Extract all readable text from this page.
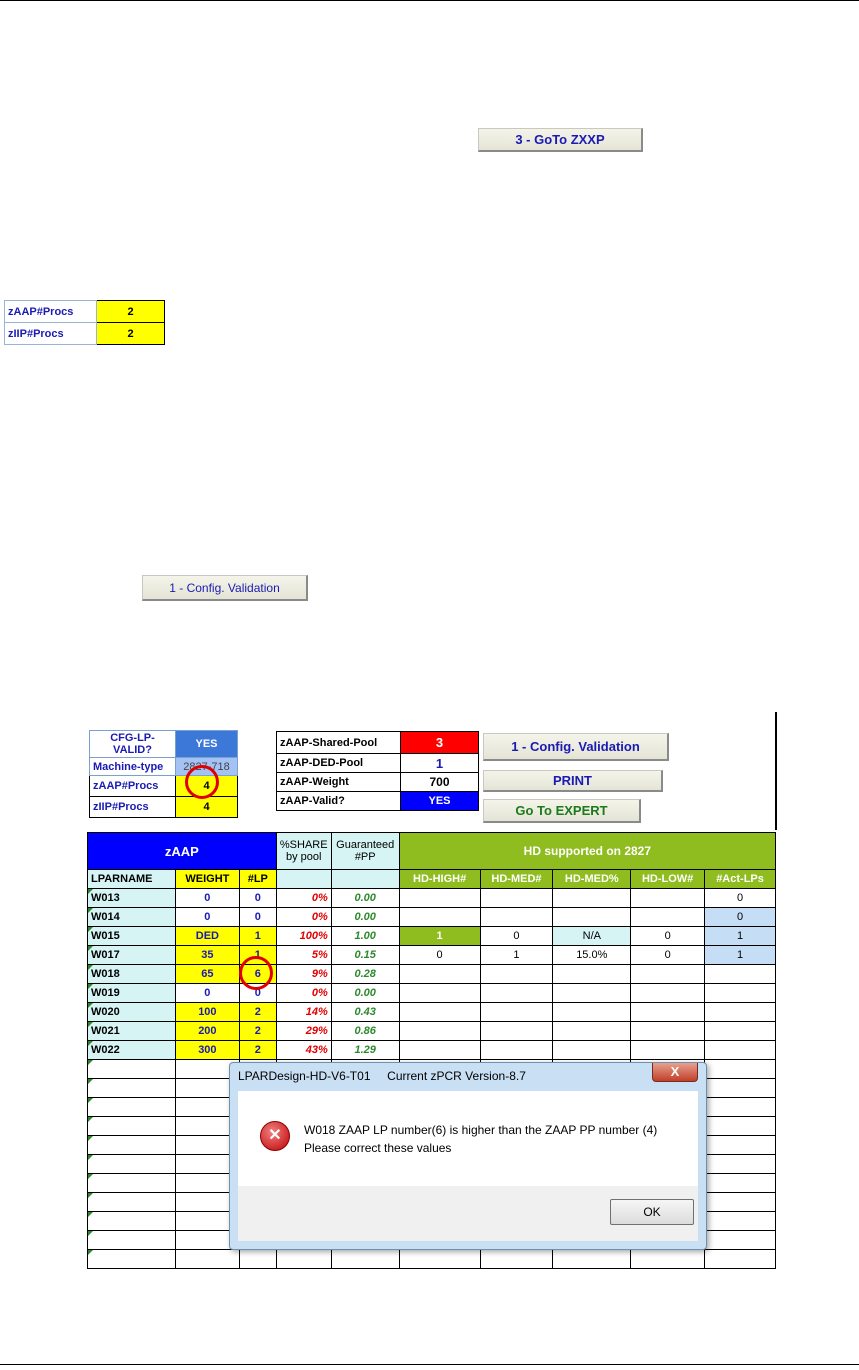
3 - GoTo ZXXP
zAAP#Procs	2
zIIP#Procs	2
1 - Config. Validation
CFG-LP-VALID?	YES
Machine-type	2827-718
zAAP#Procs	4
zIIP#Procs	4
zAAP-Shared-Pool	3
zAAP-DED-Pool	1
zAAP-Weight	700
zAAP-Valid?	YES
1 - Config. Validation
PRINT
Go To EXPERT
zAAP			%SHARE by pool	Guaranteed #PP	HD supported on 2827				
LPARNAME	WEIGHT	#LP			HD-HIGH#	HD-MED#	HD-MED%	HD-LOW#	#Act-LPs

W013	0	0	0%	0.00					0

W014	0	0	0%	0.00					0

W015	DED	1	100%	1.00	1	0	N/A	0	1

W017	35	1	5%	0.15	0	1	15.0%	0	1

W018	65	6	9%	0.28					

W019	0	0	0%	0.00					

W020	100	2	14%	0.43					

W021	200	2	29%	0.86					

W022	300	2	43%	1.29					

LPARDesign-HD-V6-T01     Current zPCR Version-8.7	X
✕	W018 ZAAP LP number(6) is higher than the ZAAP PP number (4)
Please correct these values
OK
